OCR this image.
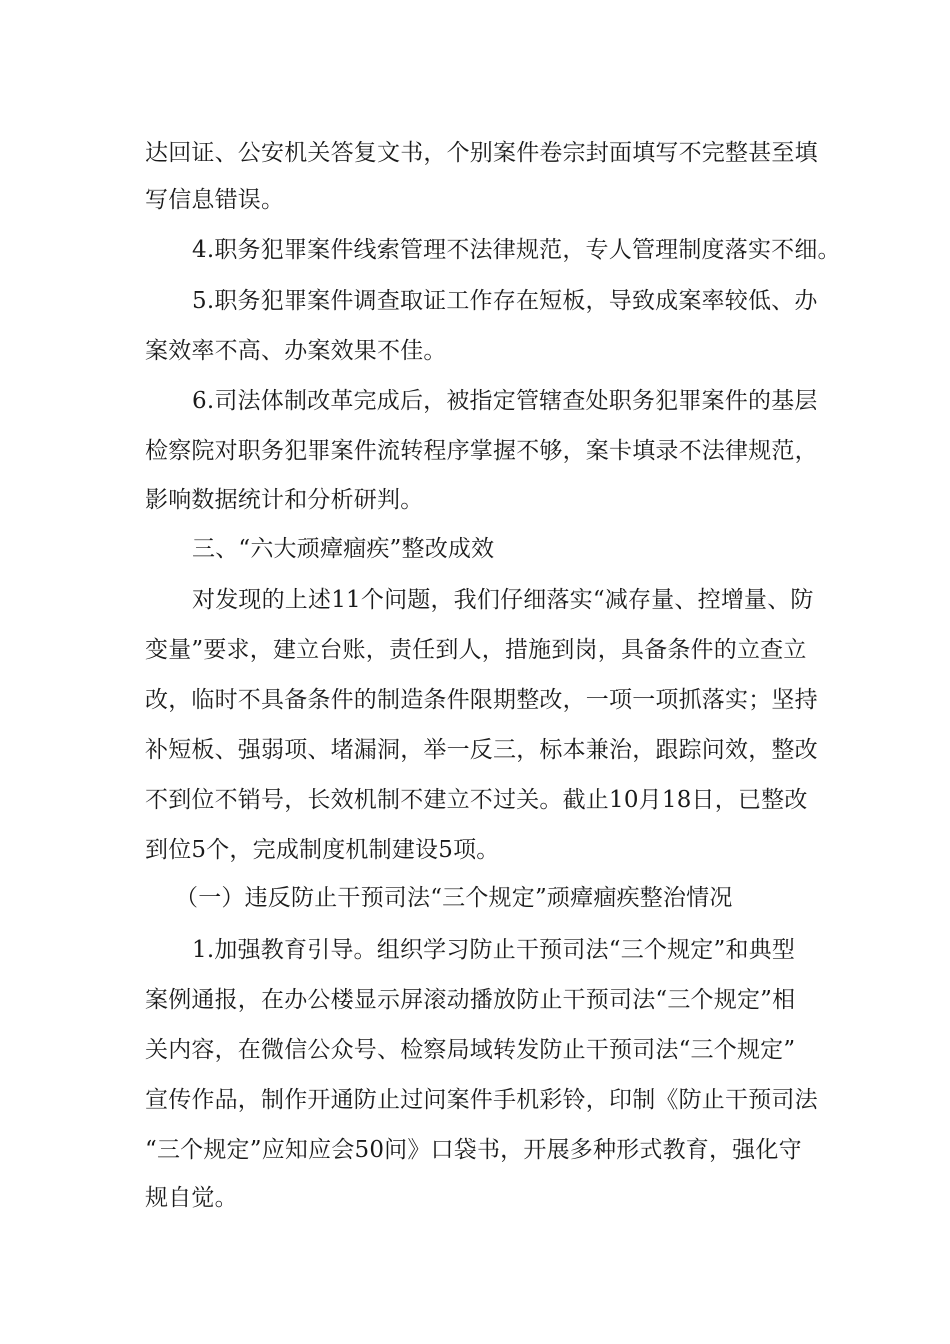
达回证、公安机关答复文书，个别案件卷宗封面填写不完整甚至填
写信息错误。
4.职务犯罪案件线索管理不法律规范，专人管理制度落实不细。
5.职务犯罪案件调查取证工作存在短板，导致成案率较低、办
案效率不高、办案效果不佳。
6.司法体制改革完成后，被指定管辖查处职务犯罪案件的基层
检察院对职务犯罪案件流转程序掌握不够，案卡填录不法律规范，
影响数据统计和分析研判。
三、“六大顽瘴痼疾”整改成效
对发现的上述11个问题，我们仔细落实“减存量、控增量、防
变量”要求，建立台账，责任到人，措施到岗，具备条件的立查立
改，临时不具备条件的制造条件限期整改，一项一项抓落实；坚持
补短板、强弱项、堵漏洞，举一反三，标本兼治，跟踪问效，整改
不到位不销号，长效机制不建立不过关。截止10月18日，已整改
到位5个，完成制度机制建设5项。
（一）违反防止干预司法“三个规定”顽瘴痼疾整治情况
1.加强教育引导。组织学习防止干预司法“三个规定”和典型
案例通报，在办公楼显示屏滚动播放防止干预司法“三个规定”相
关内容，在微信公众号、检察局域转发防止干预司法“三个规定”
宣传作品，制作开通防止过问案件手机彩铃，印制《防止干预司法
“三个规定”应知应会50问》口袋书，开展多种形式教育，强化守
规自觉。
